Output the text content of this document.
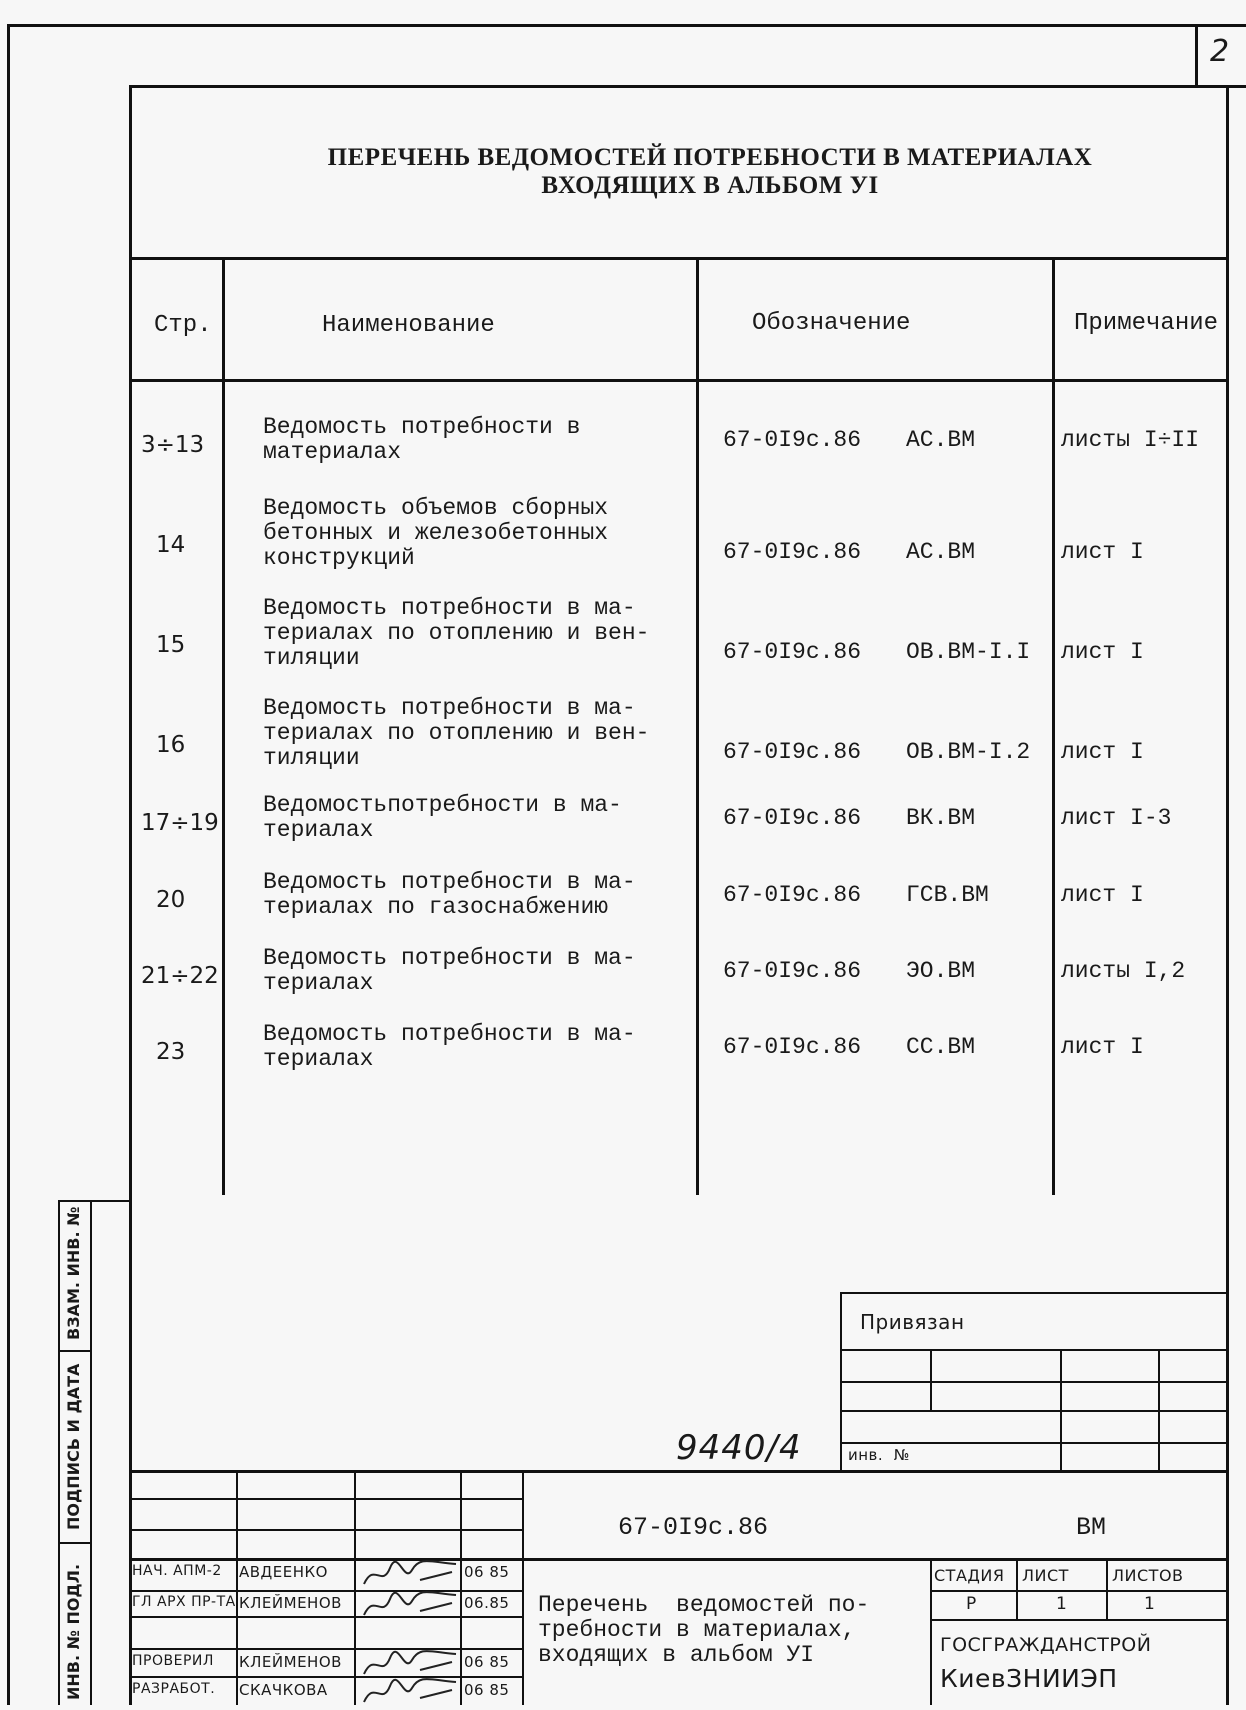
2
ПЕРЕЧЕНЬ ВЕДОМОСТЕЙ ПОТРЕБНОСТИ В МАТЕРИАЛАХ
ВХОДЯЩИХ В АЛЬБОМ УI
Стр.	Наименование	Обозначение	Примечание
3÷13
Ведомость потребности в
материалах	67-0I9c.86 АС.ВМ	листы I÷II
14
Ведомость объемов сборных
бетонных и железобетонных
конструкций	67-0I9c.86 АС.ВМ	лист I
15
Ведомость потребности в ма-
териалах по отоплению и вен-
тиляции	67-0I9c.86 ОВ.ВМ-I.I лист I
16
Ведомость потребности в ма-
териалах по отоплению и вен-
тиляции	67-0I9c.86 ОВ.ВМ-I.2 лист I
17÷19
Ведомостьпотребности в ма-
териалах	67-0I9c.86 ВК.ВМ	лист I-3
20
Ведомость потребности в ма-
териалах по газоснабжению	67-0I9c.86 ГСВ.ВМ	лист I
21÷22
Ведомость потребности в ма-
териалах	67-0I9c.86 ЭО.ВМ	листы I,2
23
Ведомость потребности в ма-
териалах	67-0I9c.86 СС.ВМ	лист I
Привязан
инв.  №
9440/4
НАЧ. АПМ-2 АВДЕЕНКО	06 85
ГЛ АРХ ПР-ТА КЛЕЙМЕНОВ	06.85
ПРОВЕРИЛ КЛЕЙМЕНОВ	06 85
РАЗРАБОТ. СКАЧКОВА	06 85
67-0I9c.86	ВМ
Перечень  ведомостей по-
требности в материалах,
входящих в альбом УI
СТАДИЯ ЛИСТ	ЛИСТОВ
Р	1	1
ГОСГРАЖДАНСТРОЙ
КиевЗНИИЭП
ВЗАМ. ИНВ. №
ПОДПИСЬ И ДАТА
ИНВ. № ПОДЛ.
